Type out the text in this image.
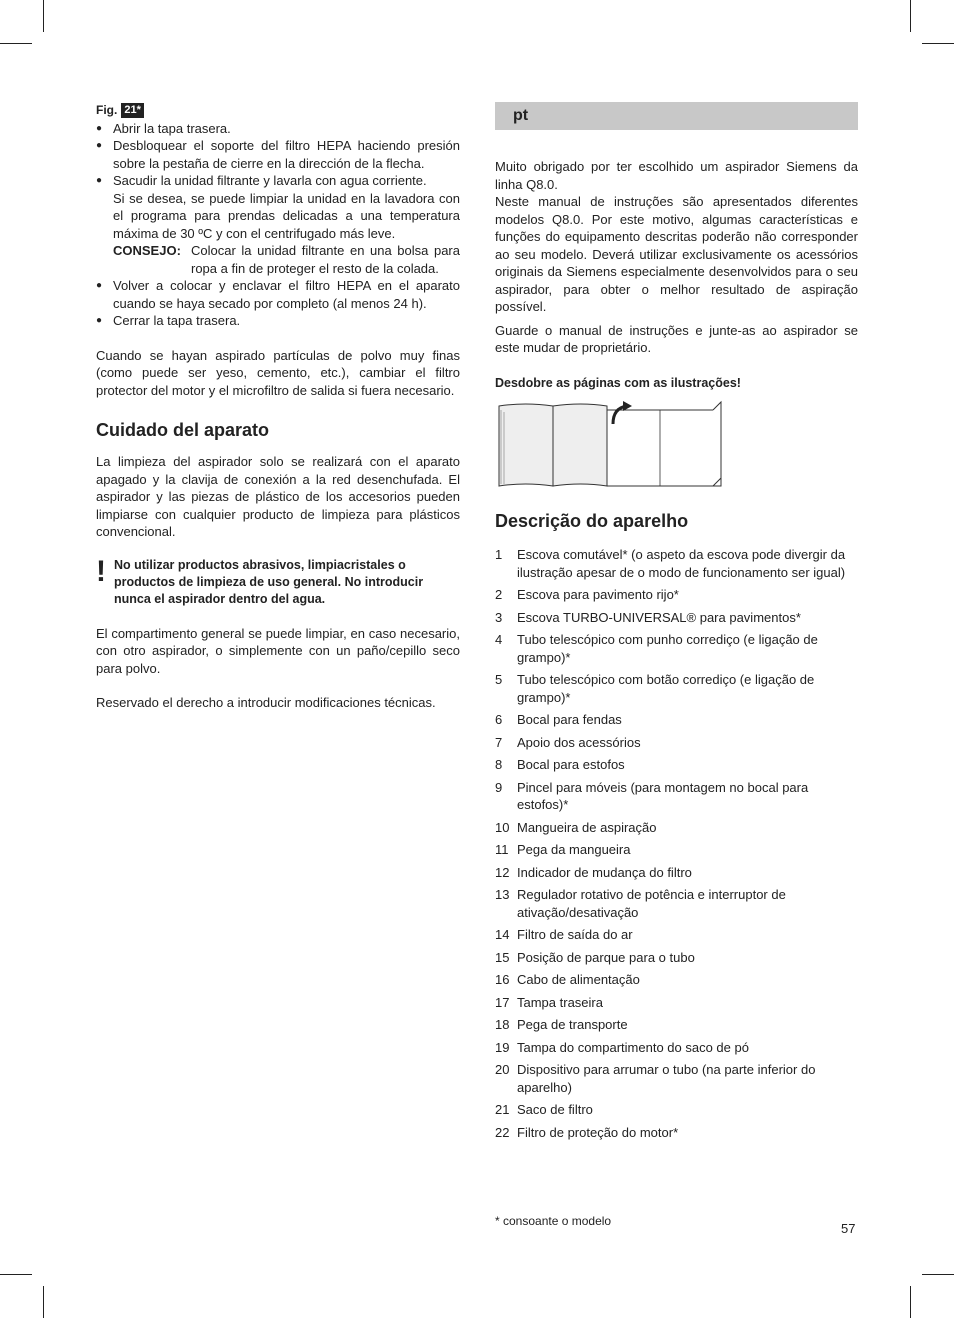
Fig. 21*
● Abrir la tapa trasera.
● Desbloquear el soporte del filtro HEPA haciendo presión sobre la pestaña de cierre en la dirección de la flecha.
● Sacudir la unidad filtrante y lavarla con agua corriente.
Si se desea, se puede limpiar la unidad en la lavadora con el programa para prendas delicadas a una temperatura máxima de 30 ºC y con el centrifugado más leve.
CONSEJO: Colocar la unidad filtrante en una bolsa para ropa a fin de proteger el resto de la colada.
● Volver a colocar y enclavar el filtro HEPA en el aparato cuando se haya secado por completo (al menos 24 h).
● Cerrar la tapa trasera.

Cuando se hayan aspirado partículas de polvo muy finas (como puede ser yeso, cemento, etc.), cambiar el filtro protector del motor y el microfiltro de salida si fuera necesario.

Cuidado del aparato

La limpieza del aspirador solo se realizará con el aparato apagado y la clavija de conexión a la red desenchufada. El aspirador y las piezas de plástico de los accesorios pueden limpiarse con cualquier producto de limpieza para plásticos convencional.

! No utilizar productos abrasivos, limpiacristales o productos de limpieza de uso general. No introducir nunca el aspirador dentro del agua.

El compartimento general se puede limpiar, en caso necesario, con otro aspirador, o simplemente con un paño/cepillo seco para polvo.

Reservado el derecho a introducir modificaciones técnicas.

pt

Muito obrigado por ter escolhido um aspirador Siemens da linha Q8.0.

Neste manual de instruções são apresentados diferentes modelos Q8.0. Por este motivo, algumas características e funções do equipamento descritas poderão não corresponder ao seu modelo. Deverá utilizar exclusivamente os acessórios originais da Siemens especialmente desenvolvidos para o seu aspirador, para obter o melhor resultado de aspiração possível.

Guarde o manual de instruções e junte-as ao aspirador se este mudar de proprietário.

Desdobre as páginas com as ilustrações!
Descrição do aparelho
1	Escova comutável* (o aspeto da escova pode divergir da ilustração apesar de o modo de funcionamento ser igual)
2	Escova para pavimento rijo*
3	Escova TURBO-UNIVERSAL® para pavimentos*
4	Tubo telescópico com punho corrediço (e ligação de grampo)*
5	Tubo telescópico com botão corrediço (e ligação de grampo)*
6	Bocal para fendas
7	Apoio dos acessórios
8	Bocal para estofos
9	Pincel para móveis (para montagem no bocal para estofos)*
10 Mangueira de aspiração
11 Pega da mangueira
12 Indicador de mudança do filtro
13 Regulador rotativo de potência e interruptor de ativação/desativação
14 Filtro de saída do ar
15 Posição de parque para o tubo
16 Cabo de alimentação
17 Tampa traseira
18 Pega de transporte
19 Tampa do compartimento do saco de pó
20 Dispositivo para arrumar o tubo (na parte inferior do aparelho)
21 Saco de filtro
22 Filtro de proteção do motor*
* consoante o modelo	57
